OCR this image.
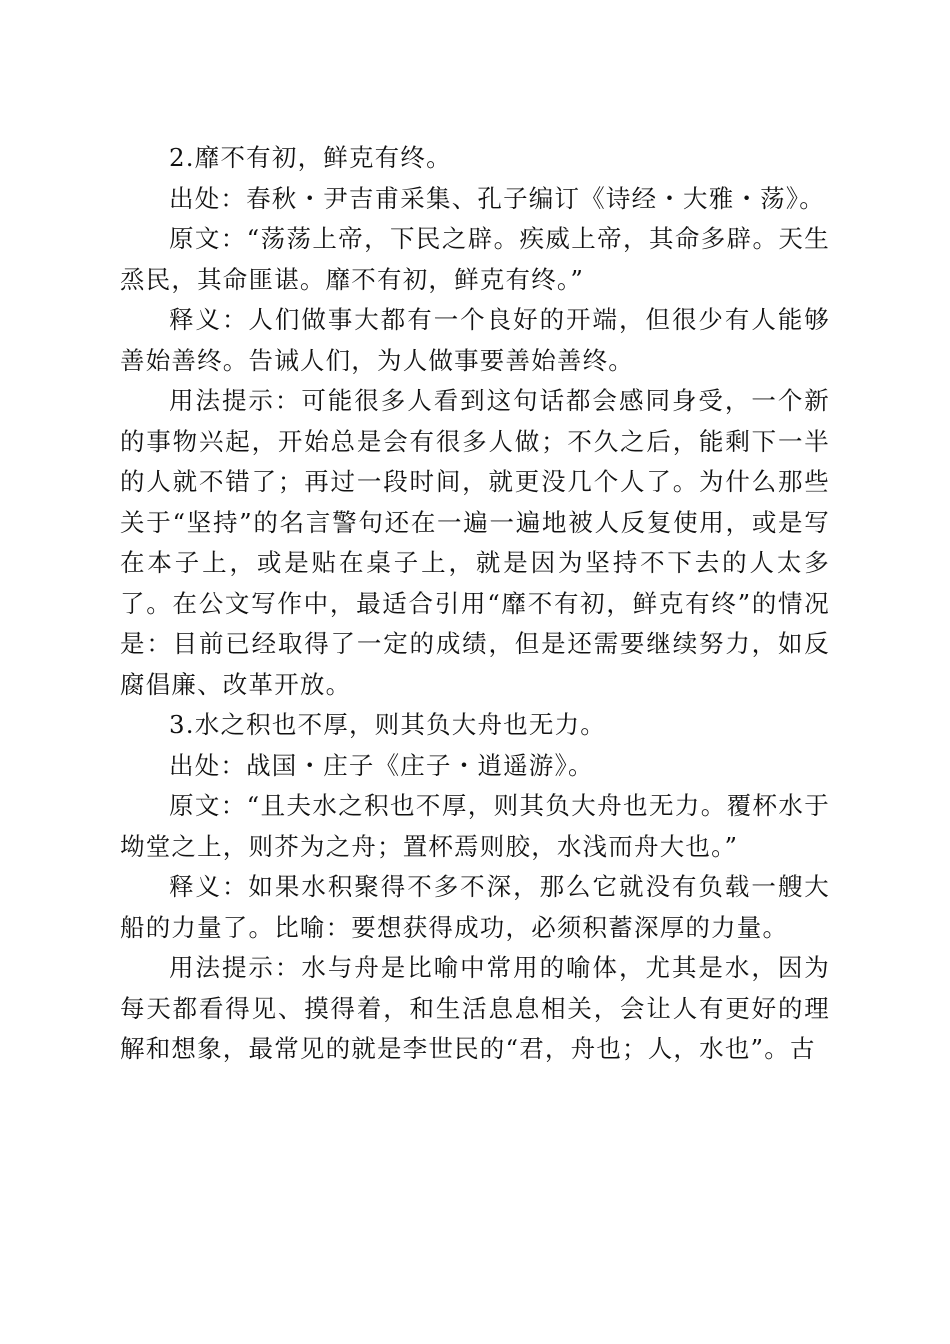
2.靡不有初，鲜克有终。

出处：春秋・尹吉甫采集、孔子编订《诗经・大雅・荡》。

原文：“荡荡上帝，下民之辟。疾威上帝，其命多辟。天生烝民，其命匪谌。靡不有初，鲜克有终。”

释义：人们做事大都有一个良好的开端，但很少有人能够善始善终。告诫人们，为人做事要善始善终。

用法提示：可能很多人看到这句话都会感同身受，一个新的事物兴起，开始总是会有很多人做；不久之后，能剩下一半的人就不错了；再过一段时间，就更没几个人了。为什么那些关于“坚持”的名言警句还在一遍一遍地被人反复使用，或是写在本子上，或是贴在桌子上，就是因为坚持不下去的人太多了。在公文写作中，最适合引用“靡不有初，鲜克有终”的情况是：目前已经取得了一定的成绩，但是还需要继续努力，如反腐倡廉、改革开放。

3.水之积也不厚，则其负大舟也无力。

出处：战国・庄子《庄子・逍遥游》。

原文：“且夫水之积也不厚，则其负大舟也无力。覆杯水于坳堂之上，则芥为之舟；置杯焉则胶，水浅而舟大也。”

释义：如果水积聚得不多不深，那么它就没有负载一艘大船的力量了。比喻：要想获得成功，必须积蓄深厚的力量。

用法提示：水与舟是比喻中常用的喻体，尤其是水，因为每天都看得见、摸得着，和生活息息相关，会让人有更好的理解和想象，最常见的就是李世民的“君，舟也；人，水也”。古
